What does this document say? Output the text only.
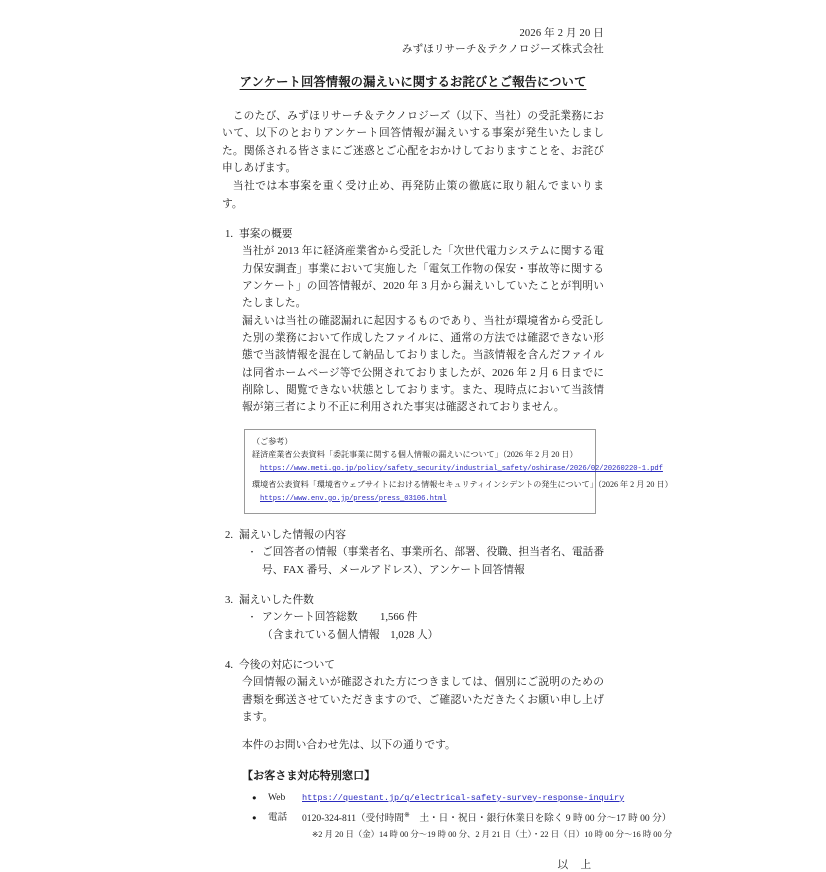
2026 年 2 月 20 日
みずほリサーチ＆テクノロジーズ株式会社
アンケート回答情報の漏えいに関するお詫びとご報告について

このたび、みずほリサーチ＆テクノロジーズ（以下、当社）の受託業務において、以下のとおりアンケート回答情報が漏えいする事案が発生いたしました。関係される皆さまにご迷惑とご心配をおかけしておりますことを、お詫び申しあげます。

当社では本事案を重く受け止め、再発防止策の徹底に取り組んでまいります。

1. 事案の概要

当社が 2013 年に経済産業省から受託した「次世代電力システムに関する電力保安調査」事業において実施した「電気工作物の保安・事故等に関するアンケート」の回答情報が、2020 年 3 月から漏えいしていたことが判明いたしました。

漏えいは当社の確認漏れに起因するものであり、当社が環境省から受託した別の業務において作成したファイルに、通常の方法では確認できない形態で当該情報を混在して納品しておりました。当該情報を含んだファイルは同省ホームページ等で公開されておりましたが、2026 年 2 月 6 日までに削除し、閲覧できない状態としております。また、現時点において当該情報が第三者により不正に利用された事実は確認されておりません。

（ご参考）
経済産業省公表資料「委託事業に関する個人情報の漏えいについて」（2026 年 2 月 20 日）
https://www.meti.go.jp/policy/safety_security/industrial_safety/oshirase/2026/02/20260220-1.pdf
環境省公表資料「環境省ウェブサイトにおける情報セキュリティインシデントの発生について」（2026 年 2 月 20 日）
https://www.env.go.jp/press/press_03106.html
2. 漏えいした情報の内容
・ ご回答者の情報（事業者名、事業所名、部署、役職、担当者名、電話番号、FAX 番号、メールアドレス）、アンケート回答情報
3. 漏えいした件数
・ アンケート回答総数	1,566 件
（含まれている個人情報　1,028 人）
4. 今後の対応について

今回情報の漏えいが確認された方につきましては、個別にご説明のための書類を郵送させていただきますので、ご確認いただきたくお願い申し上げます。

本件のお問い合わせ先は、以下の通りです。

【お客さま対応特別窓口】
●	Web	https://questant.jp/q/electrical-safety-survey-response-inquiry
●	電話	0120-324-811（受付時間※　土・日・祝日・銀行休業日を除く 9 時 00 分〜17 時 00 分）
※2 月 20 日（金）14 時 00 分〜19 時 00 分、2 月 21 日（土）・22 日（日）10 時 00 分〜16 時 00 分
以 上
